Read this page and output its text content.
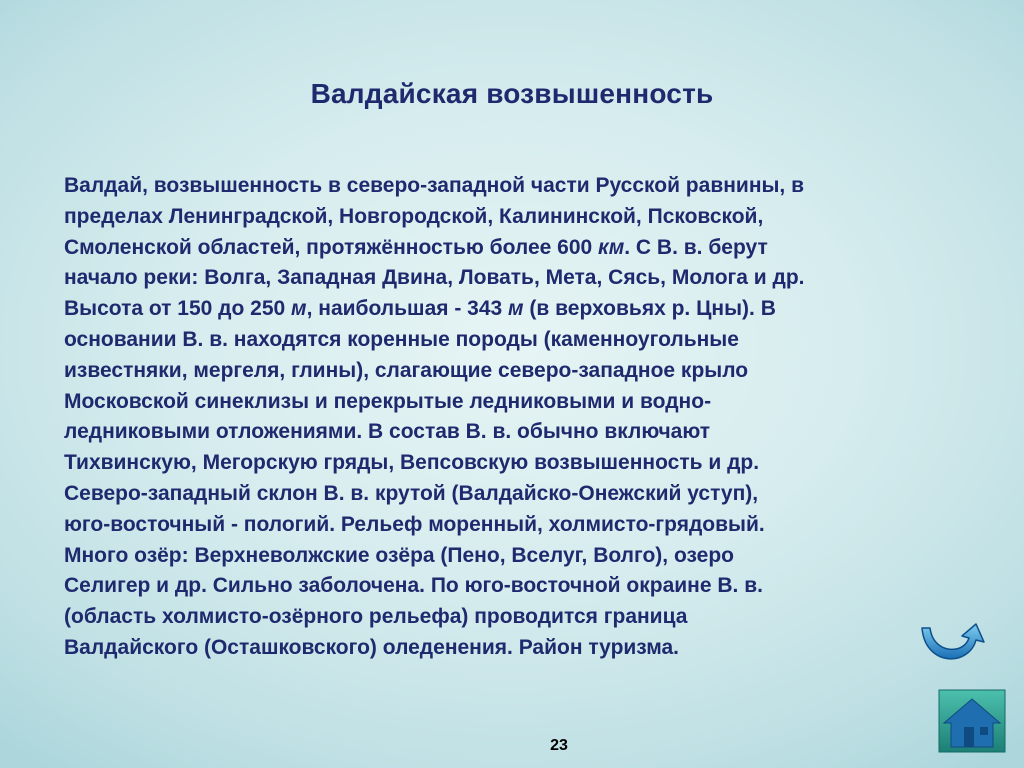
Валдайская возвышенность
Валдай, возвышенность в северо-западной части Русской равнины, в
пределах Ленинградской, Новгородской, Калининской, Псковской,
Смоленской областей, протяжённостью более 600 км. С В. в. берут
начало реки: Волга, Западная Двина, Ловать, Мета, Сясь, Молога и др.
Высота от 150 до 250 м, наибольшая - 343 м (в верховьях р. Цны). В
основании В. в. находятся коренные породы (каменноугольные
известняки, мергеля, глины), слагающие северо-западное крыло
Московской синеклизы и перекрытые ледниковыми и водно-
ледниковыми отложениями. В состав В. в. обычно включают
Тихвинскую, Мегорскую гряды, Вепсовскую возвышенность и др.
Северо-западный склон В. в. крутой (Валдайско-Онежский уступ),
юго-восточный - пологий. Рельеф моренный, холмисто-грядовый.
Много озёр: Верхневолжские озёра (Пено, Вселуг, Волго), озеро
Селигер и др. Сильно заболочена. По юго-восточной окраине В. в.
(область холмисто-озёрного рельефа) проводится граница
Валдайского (Осташковского) оледенения. Район туризма.
23
